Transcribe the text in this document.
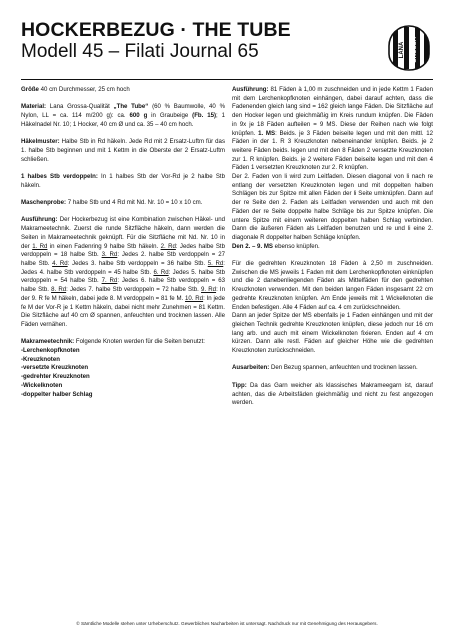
HOCKERBEZUG · THE TUBE
Modell 45 – Filati Journal 65	LANA GROSSA

Größe 40 cm Durchmesser, 25 cm hoch

Material: Lana Grossa-Qualität „The Tube“ (60 % Baumwolle, 40 % Nylon, LL = ca. 114 m/200 g): ca. 600 g in Graubeige (Fb. 15); 1 Häkelnadel Nr. 10; 1 Hocker, 40 cm Ø und ca. 35 – 40 cm hoch.

Häkelmuster: Halbe Stb in Rd häkeln. Jede Rd mit 2 Ersatz-Luftm für das 1. halbe Stb beginnen und mit 1 Kettm in die Oberste der 2 Ersatz-Luftm schließen.

1 halbes Stb verdoppeln: In 1 halbes Stb der Vor-Rd je 2 halbe Stb häkeln.

Maschenprobe: 7 halbe Stb und 4 Rd mit Nd. Nr. 10 = 10 x 10 cm.

Ausführung: Der Hockerbezug ist eine Kombination zwischen Häkel- und Makrameetechnik. Zuerst die runde Sitzfläche häkeln, dann werden die Seiten in Makrameetechnik geknüpft. Für die Sitzfläche mit Nd. Nr. 10 in der 1. Rd in einen Fadenring 9 halbe Stb häkeln. 2. Rd: Jedes halbe Stb verdoppeln = 18 halbe Stb. 3. Rd: Jedes 2. halbe Stb verdoppeln = 27 halbe Stb. 4. Rd: Jedes 3. halbe Stb verdoppeln = 36 halbe Stb. 5. Rd: Jedes 4. halbe Stb verdoppeln = 45 halbe Stb. 6. Rd: Jedes 5. halbe Stb verdoppeln = 54 halbe Stb. 7. Rd: Jedes 6. halbe Stb verdoppeln = 63 halbe Stb. 8. Rd: Jedes 7. halbe Stb verdoppeln = 72 halbe Stb. 9. Rd: In der 9. R fe M häkeln, dabei jede 8. M verdoppeln = 81 fe M. 10. Rd: In jede fe M der Vor-R je 1 Kettm häkeln, dabei nicht mehr Zunehmen = 81 Kettm. Die Sitzfläche auf 40 cm Ø spannen, anfeuchten und trocknen lassen. Alle Fäden vernähen.

Makrameetechnik: Folgende Knoten werden für die Seiten benutzt:

-Lerchenkopfknoten
-Kreuzknoten
-versetzte Kreuzknoten
-gedrehter Kreuzknoten
-Wickelknoten
-doppelter halber Schlag

Ausführung: 81 Fäden à 1,00 m zuschneiden und in jede Kettm 1 Faden mit dem Lerchenkopfknoten einhängen, dabei darauf achten, dass die Fadenenden gleich lang sind = 162 gleich lange Fäden. Die Sitzfläche auf den Hocker legen und gleichmäßig im Kreis rundum knüpfen. Die Fäden in 9x je 18 Fäden aufteilen = 9 MS. Diese der Reihen nach wie folgt knüpfen. 1. MS: Beids. je 3 Fäden beiseite legen und mit den mittl. 12 Fäden in der 1. R 3 Kreuzknoten nebeneinander knüpfen. Beids. je 2 weitere Fäden beids. legen und mit den 8 Fäden 2 versetzte Kreuzknoten zur 1. R knüpfen. Beids. je 2 weitere Fäden beiseite legen und mit den 4 Fäden 1 versetzten Kreuzknoten zur 2. R knüpfen.

Der 2. Faden von li wird zum Leitfaden. Diesen diagonal von li nach re entlang der versetzten Kreuzknoten legen und mit doppelten halben Schlägen bis zur Spitze mit allen Fäden der li Seite umknüpfen. Dann auf der re Seite den 2. Faden als Leitfaden verwenden und auch mit den Fäden der re Seite doppelte halbe Schläge bis zur Spitze knüpfen. Die untere Spitze mit einem weiteren doppelten halben Schlag verbinden. Dann die äußeren Fäden als Leitfaden benutzen und re und li eine 2. diagonale R doppelter halben Schläge knüpfen.

Den 2. – 9. MS ebenso knüpfen.

Für die gedrehten Kreuzknoten 18 Fäden à 2,50 m zuschneiden. Zwischen die MS jeweils 1 Faden mit dem Lerchenkopfknoten einknüpfen und die 2 danebenliegenden Fäden als Mittelfäden für den gedrehten Kreuzknoten verwenden. Mit den beiden langen Fäden insgesamt 22 cm gedrehte Kreuzknoten knüpfen. Am Ende jeweils mit 1 Wickelknoten die Enden befestigen. Alle 4 Fäden auf ca. 4 cm zurückschneiden.

Dann an jeder Spitze der MS ebenfalls je 1 Faden einhängen und mit der gleichen Technik gedrehte Kreuzknoten knüpfen, diese jedoch nur 16 cm lang arb. und auch mit einem Wickelknoten fixieren. Enden auf 4 cm kürzen. Dann alle restl. Fäden auf gleicher Höhe wie die gedrehten Kreuzknoten zurückschneiden.

Ausarbeiten: Den Bezug spannen, anfeuchten und trocknen lassen.

Tipp: Da das Garn weicher als klassisches Makrameegarn ist, darauf achten, das die Arbeitsfäden gleichmäßig und nicht zu fest angezogen werden.

© Sämtliche Modelle stehen unter Urheberschutz. Gewerbliches Nacharbeiten ist untersagt. Nachdruck nur mit Genehmigung des Herausgebers.
